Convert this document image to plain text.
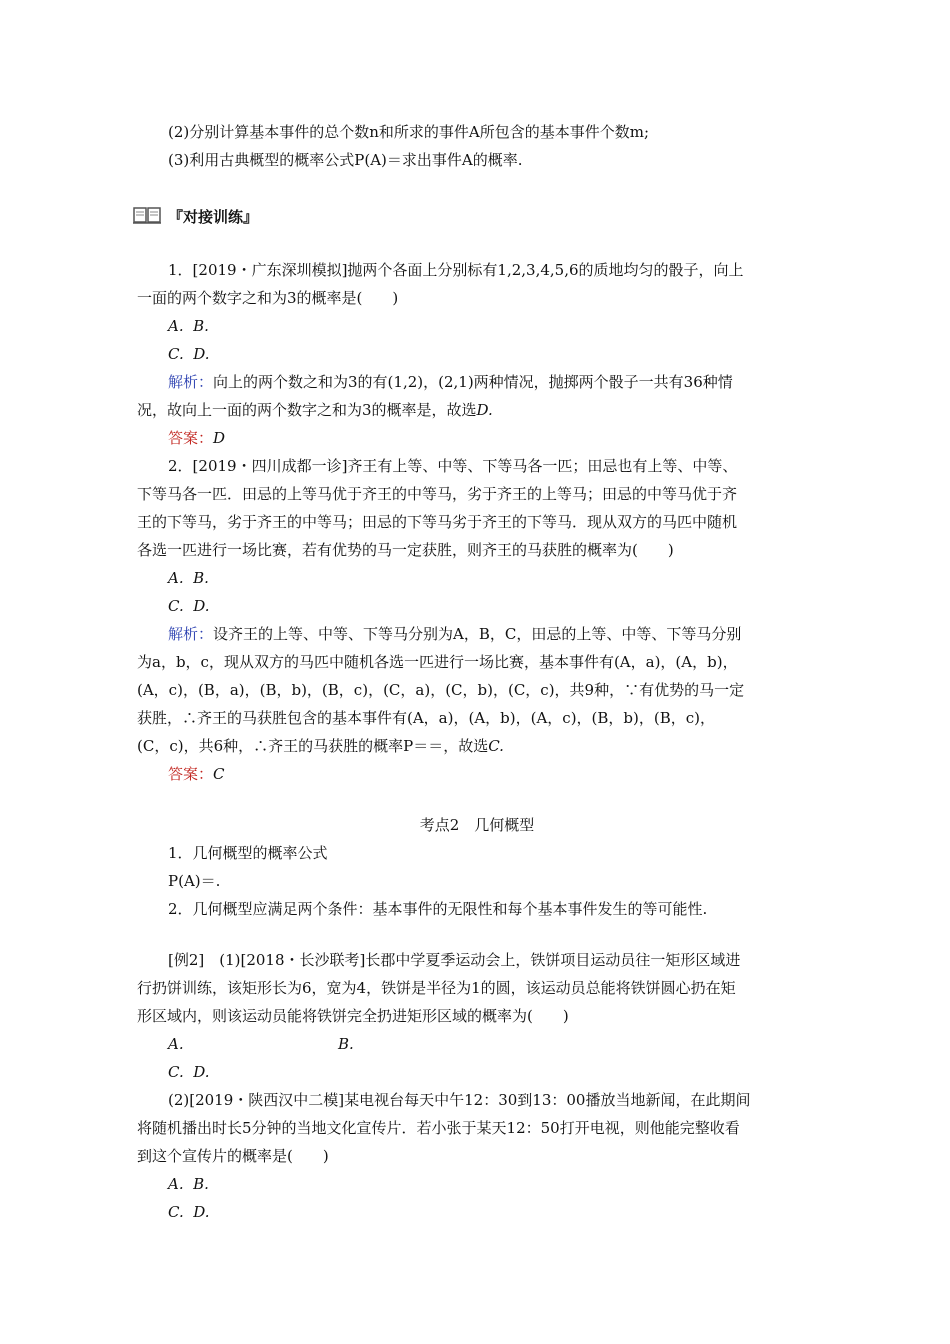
(2)分别计算基本事件的总个数n和所求的事件A所包含的基本事件个数m;
(3)利用古典概型的概率公式P(A)＝求出事件A的概率.
『对接训练』
1．[2019・广东深圳模拟]抛两个各面上分别标有1,2,3,4,5,6的质地均匀的骰子，向上
一面的两个数字之和为3的概率是(　　)
A. B.
C. D.
解析：向上的两个数之和为3的有(1,2)，(2,1)两种情况，抛掷两个骰子一共有36种情
况，故向上一面的两个数字之和为3的概率是，故选D.
答案：D
2．[2019・四川成都一诊]齐王有上等、中等、下等马各一匹；田忌也有上等、中等、
下等马各一匹．田忌的上等马优于齐王的中等马，劣于齐王的上等马；田忌的中等马优于齐
王的下等马，劣于齐王的中等马；田忌的下等马劣于齐王的下等马．现从双方的马匹中随机
各选一匹进行一场比赛，若有优势的马一定获胜，则齐王的马获胜的概率为(　　)
A. B.
C. D.
解析：设齐王的上等、中等、下等马分别为A，B，C，田忌的上等、中等、下等马分别
为a，b，c，现从双方的马匹中随机各选一匹进行一场比赛，基本事件有(A，a)，(A，b)，
(A，c)，(B，a)，(B，b)，(B，c)，(C，a)，(C，b)，(C，c)，共9种，∵有优势的马一定
获胜，∴齐王的马获胜包含的基本事件有(A，a)，(A，b)，(A，c)，(B，b)，(B，c)，
(C，c)，共6种，∴齐王的马获胜的概率P＝＝，故选C.
答案：C
考点2　几何概型
1．几何概型的概率公式
P(A)＝.
2．几何概型应满足两个条件：基本事件的无限性和每个基本事件发生的等可能性.
[例2]　(1)[2018・长沙联考]长郡中学夏季运动会上，铁饼项目运动员往一矩形区域进
行扔饼训练，该矩形长为6，宽为4，铁饼是半径为1的圆，该运动员总能将铁饼圆心扔在矩
形区域内，则该运动员能将铁饼完全扔进矩形区域的概率为(　　)
A.	B.
C. D.
(2)[2019・陕西汉中二模]某电视台每天中午12：30到13：00播放当地新闻，在此期间
将随机播出时长5分钟的当地文化宣传片．若小张于某天12：50打开电视，则他能完整收看
到这个宣传片的概率是(　　)
A. B.
C. D.
